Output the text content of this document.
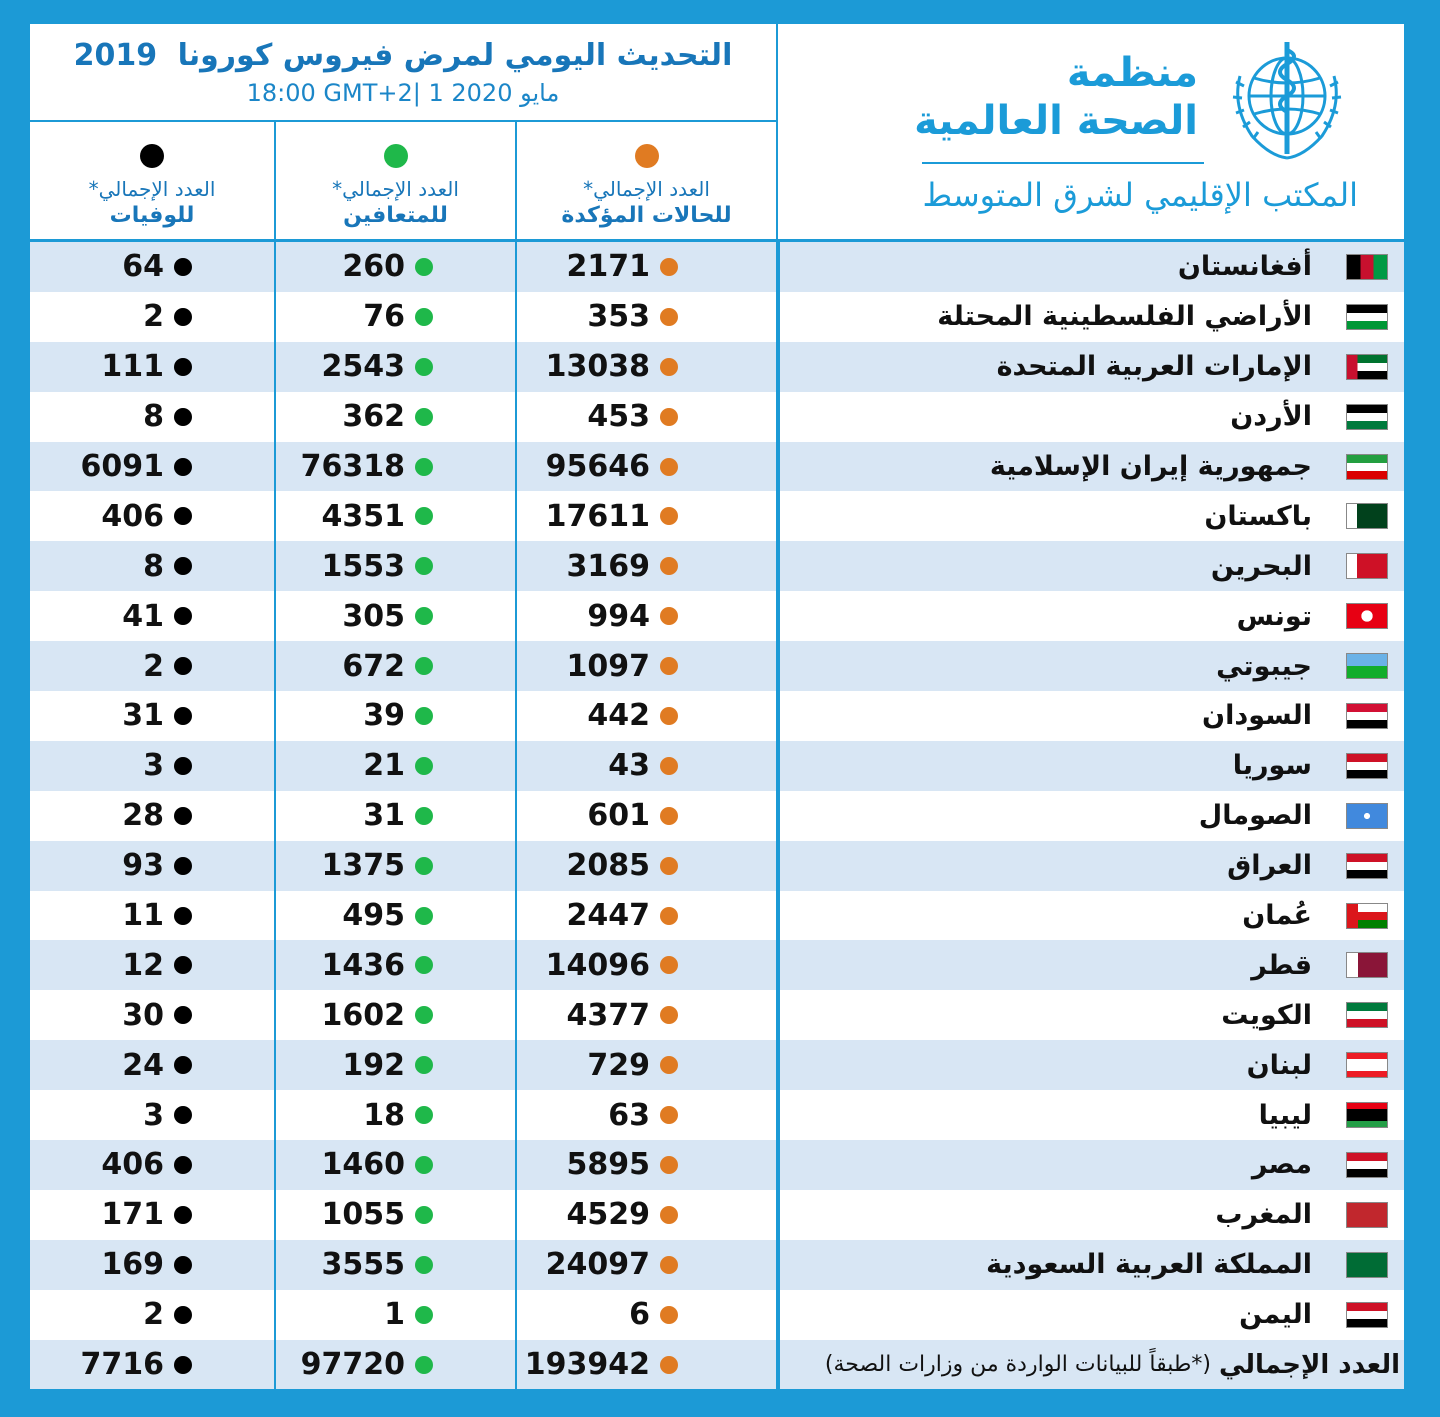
التحديث اليومي لمرض فيروس كورونا 2019
18:00 GMT+2| 1 مايو 2020
العدد الإجمالي*
للوفيات
العدد الإجمالي*
للمتعافين
العدد الإجمالي*
للحالات المؤكدة
منظمة
الصحة العالمية
المكتب الإقليمي لشرق المتوسط
64	260	2171	أفغانستان
2	76	353	الأراضي الفلسطينية المحتلة
111	2543	13038	الإمارات العربية المتحدة
8	362	453	الأردن
6091	76318	95646	جمهورية إيران الإسلامية
406	4351	17611	باكستان
8	1553	3169	البحرين
41	305	994	تونس
2	672	1097	جيبوتي
31	39	442	السودان
3	21	43	سوريا
28	31	601	الصومال
93	1375	2085	العراق
11	495	2447	عُمان
12	1436	14096	قطر
30	1602	4377	الكويت
24	192	729	لبنان
3	18	63	ليبيا
406	1460	5895	مصر
171	1055	4529	المغرب
169	3555	24097	المملكة العربية السعودية
2	1	6	اليمن
7716	97720	193942	(*طبقاً للبيانات الواردة من وزارات الصحة) العدد الإجمالي
